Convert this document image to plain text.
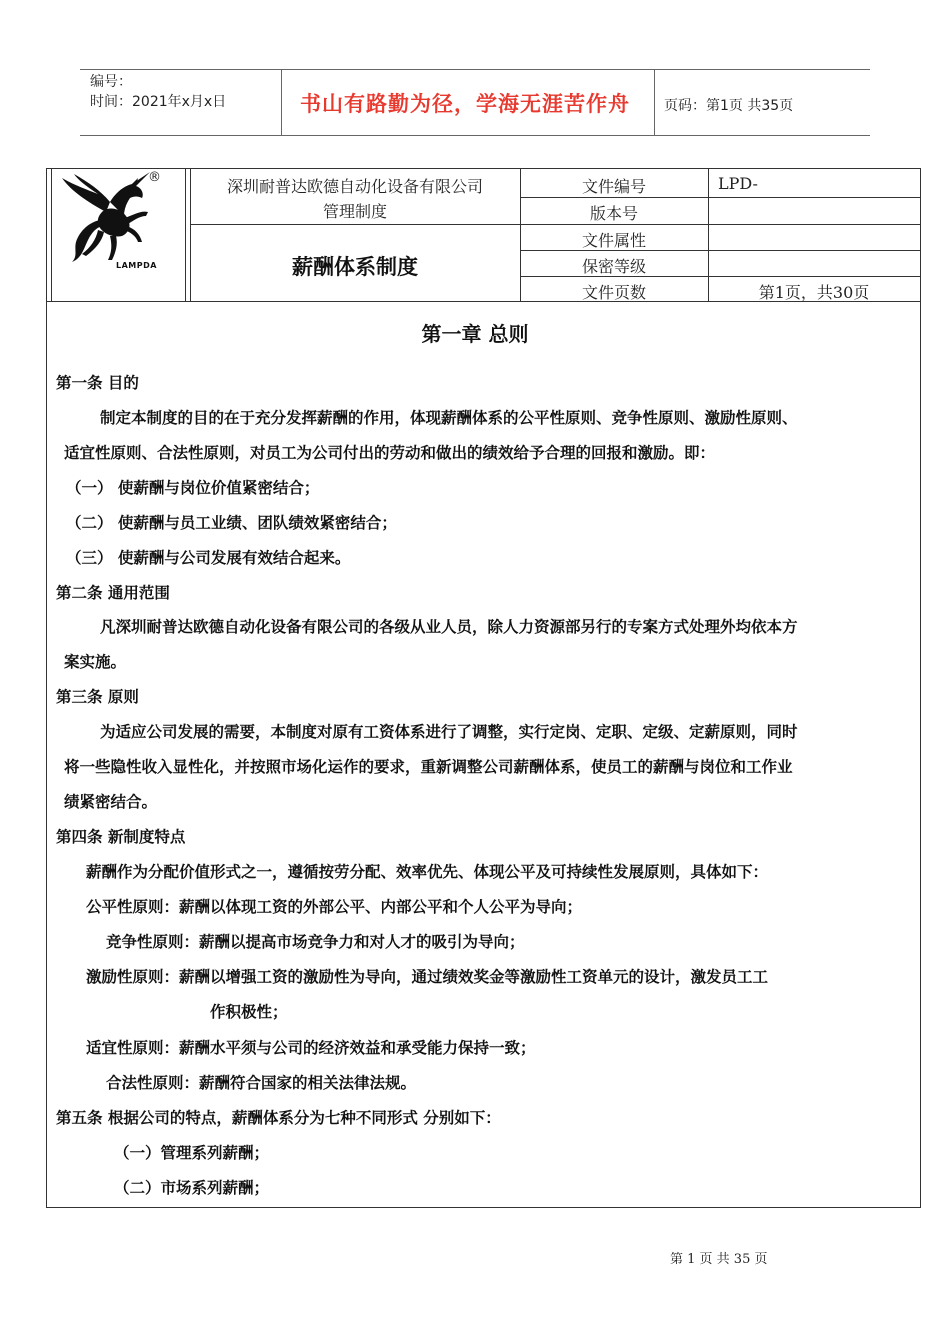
编号：
时间：2021年x月x日	书山有路勤为径，学海无涯苦作舟 页码：第1页 共35页
®
LAMPDA
深圳耐普达欧德自动化设备有限公司
管理制度
薪酬体系制度
文件编号	LPD-
版本号
文件属性
保密等级
文件页数	第1页，共30页
第一章 总则
第一条 目的
制定本制度的目的在于充分发挥薪酬的作用，体现薪酬体系的公平性原则、竞争性原则、激励性原则、
适宜性原则、合法性原则，对员工为公司付出的劳动和做出的绩效给予合理的回报和激励。即：
（一） 使薪酬与岗位价值紧密结合；
（二） 使薪酬与员工业绩、团队绩效紧密结合；
（三） 使薪酬与公司发展有效结合起来。
第二条 通用范围
凡深圳耐普达欧德自动化设备有限公司的各级从业人员，除人力资源部另行的专案方式处理外均依本方
案实施。
第三条 原则
为适应公司发展的需要，本制度对原有工资体系进行了调整，实行定岗、定职、定级、定薪原则，同时
将一些隐性收入显性化，并按照市场化运作的要求，重新调整公司薪酬体系，使员工的薪酬与岗位和工作业
绩紧密结合。
第四条 新制度特点
薪酬作为分配价值形式之一，遵循按劳分配、效率优先、体现公平及可持续性发展原则，具体如下：
公平性原则：薪酬以体现工资的外部公平、内部公平和个人公平为导向；
竞争性原则：薪酬以提高市场竞争力和对人才的吸引为导向；
激励性原则：薪酬以增强工资的激励性为导向，通过绩效奖金等激励性工资单元的设计，激发员工工
作积极性；
适宜性原则：薪酬水平须与公司的经济效益和承受能力保持一致；
合法性原则：薪酬符合国家的相关法律法规。
第五条 根据公司的特点，薪酬体系分为七种不同形式 分别如下：
（一）管理系列薪酬；
（二）市场系列薪酬；
第 1 页 共 35 页
